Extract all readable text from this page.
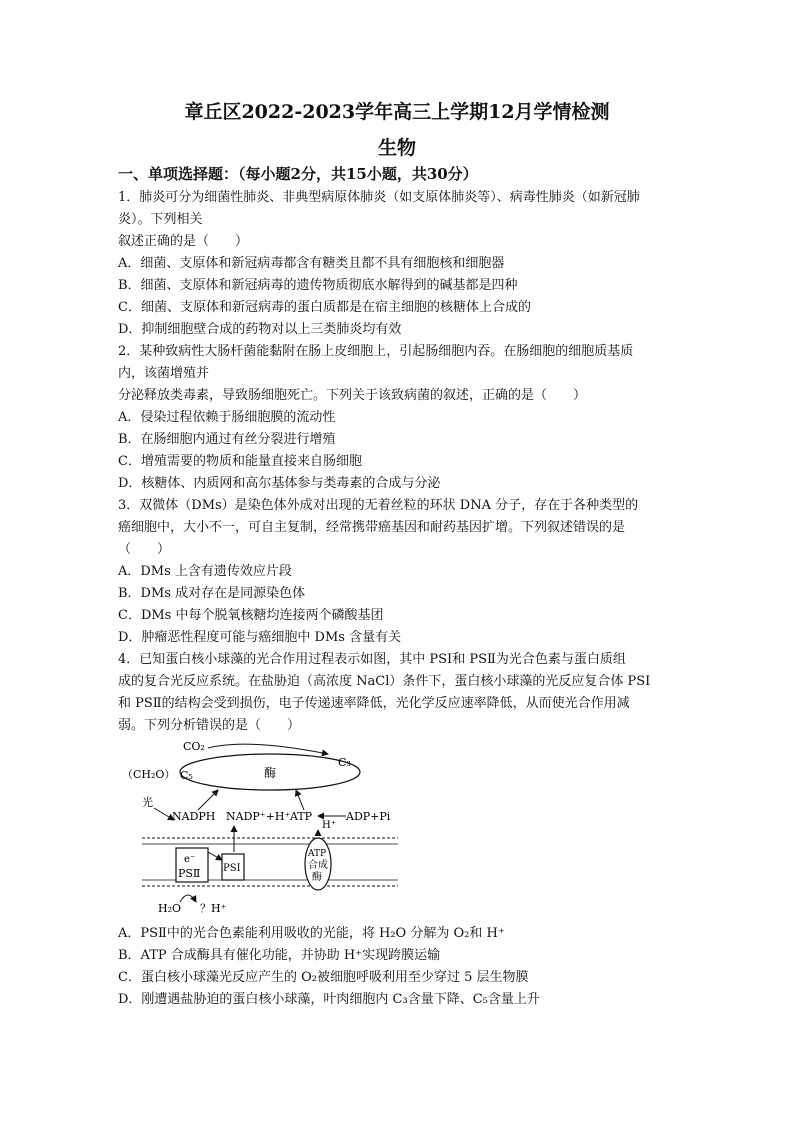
章丘区2022-2023学年高三上学期12月学情检测
生物
一、单项选择题：（每小题2分，共15小题，共30分）
1．肺炎可分为细菌性肺炎、非典型病原体肺炎（如支原体肺炎等）、病毒性肺炎（如新冠肺
炎）。下列相关
叙述正确的是（　　）
A．细菌、支原体和新冠病毒都含有糖类且都不具有细胞核和细胞器
B．细菌、支原体和新冠病毒的遗传物质彻底水解得到的碱基都是四种
C．细菌、支原体和新冠病毒的蛋白质都是在宿主细胞的核糖体上合成的
D．抑制细胞壁合成的药物对以上三类肺炎均有效
2．某种致病性大肠杆菌能黏附在肠上皮细胞上，引起肠细胞内吞。在肠细胞的细胞质基质
内，该菌增殖并
分泌释放类毒素，导致肠细胞死亡。下列关于该致病菌的叙述，正确的是（　　）
A．侵染过程依赖于肠细胞膜的流动性
B．在肠细胞内通过有丝分裂进行增殖
C．增殖需要的物质和能量直接来自肠细胞
D．核糖体、内质网和高尔基体参与类毒素的合成与分泌
3．双微体（DMs）是染色体外成对出现的无着丝粒的环状 DNA 分子，存在于各种类型的
癌细胞中，大小不一，可自主复制，经常携带癌基因和耐药基因扩增。下列叙述错误的是
（　　）
A．DMs 上含有遗传效应片段
B．DMs 成对存在是同源染色体
C．DMs 中每个脱氧核糖均连接两个磷酸基团
D．肿瘤恶性程度可能与癌细胞中 DMs 含量有关
4．已知蛋白核小球藻的光合作用过程表示如图，其中 PSⅠ和 PSⅡ为光合色素与蛋白质组
成的复合光反应系统。在盐胁迫（高浓度 NaCl）条件下，蛋白核小球藻的光反应复合体 PSⅠ
和 PSⅡ的结构会受到损伤，电子传递速率降低，光化学反应速率降低，从而使光合作用减
弱。下列分析错误的是（　　）
酶
CO₂
（CH₂O） C₅
C₃
光
NADPH NADP⁺+H⁺ ATP	ADP+Pi
H⁺
e⁻
PSⅡ PSⅠ
ATP
合成
酶
H₂O ？H⁺
A．PSⅡ中的光合色素能利用吸收的光能，将 H₂O 分解为 O₂和 H⁺
B．ATP 合成酶具有催化功能，并协助 H⁺实现跨膜运输
C．蛋白核小球藻光反应产生的 O₂被细胞呼吸利用至少穿过 5 层生物膜
D．刚遭遇盐胁迫的蛋白核小球藻，叶肉细胞内 C₃含量下降、C₅含量上升
